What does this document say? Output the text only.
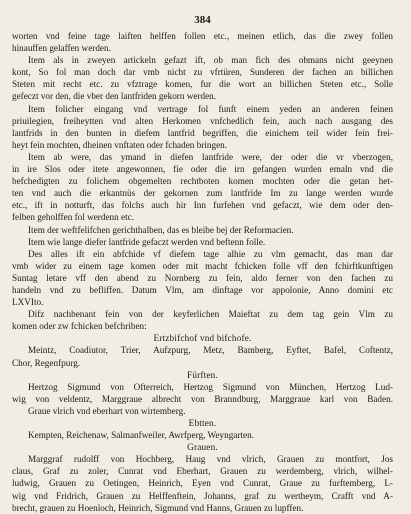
384
worten vnd feine tage laiften helffen follen etc., meinen etlich, das die zwey follen
hinauffen gelaffen werden.
Item als in zweyen artickeln gefazt ift, ob man fich des obmans nicht geeynen
kont, So fol man doch dar vmb nicht zu vfrtüren, Sunderen der fachen an billichen
Steten mit recht etc. zu vfztrage komen, fur die wort an billichen Steten etc., Solle
gefeczt vor den, die vber den lantfriden gekorn werden.
Item folicher eingang vnd vertrage fol funft einem yeden an anderen feinen
priuilegien, freiheytten vnd alten Herkomen vnfchedlich fein, auch nach ausgang des
lantfrids in den bunten in diefem lantfrid begriffen, die einichem teil wider fein frei-
heyt fein mochten, dheinen vnftaten oder fchaden bringen.
Item ab were, das ymand in diefen lantfride were, der oder die vr vberzogen,
in ire Slos oder itete angewonnen, fie oder die irn gefangen wurden emaln vnd die
befchedigten zu folichem obgemelten rechtboten komen mochten oder die getan het-
ten vnd auch die erkantnüs der gekornen zum lantfride Im zu lange werden wurde
etc., ift in notturft, das folchs auch hir Inn furfehen vnd gefaczt, wie dem oder den-
felben geholffen fol werdenn etc.
Item der weftfelifchen gerichthalben, das es bleibe bej der Reformacien.
Item wie lange diefer lantfride gefaczt werden vnd beftenn folle.
Des alles ift ein abfchide vf diefem tage alhie zu vlm gemacht, das man dar
vmb wider zu einem tage komen oder mit macht fchicken folle vff den fchirftkunftigen
Suntag letare vff den abend zu Nornberg zu fein, aldo ferner von den fachen zu
handeln vnd zu befliffen. Datum Vlm, am dinftage vor appolonie, Anno domini etc
LXVIto.
Difz nachbenant fein von der keyferlichen Maieftat zu dem tag gein Vlm zu
komen oder zw fchicken befchriben:
Ertzbifchof vnd bifchofe.
Meintz, Coadiutor, Trier, Aufzpurg, Metz, Bamberg, Eyftet, Bafel, Coftentz,
Chor, Regenfpurg.
Fürften.
Hertzog Sigmund von Ofterreich, Hertzog Sigmund von München, Hertzog Lud-
wig von veldentz, Marggraue albrecht von Branndburg, Marggraue karl von Baden.
Graue vlrich vnd eberhart von wirtemberg.
Ebtten.
Kempten, Reichenaw, Salmanfweiler, Awrfperg, Weyngarten.
Grauen.
Marggraf rudolff von Hochberg, Haug vnd vlrich, Grauen zu montfort, Jos
claus, Graf zu zoler, Cunrat vnd Eberhart, Grauen zu werdemberg, vlrich, wilhel-
ludwig, Grauen zu Oetingen, Heinrich, Eyen vnd Cunrat, Graue zu furftemberg, L-
wig vnd Fridrich, Grauen zu Helffenftein, Johanns, graf zu wertheym, Crafft vnd A-
brecht, grauen zu Hoenloch, Heinrich, Sigmund vnd Hanns, Grauen zu lupffen.
